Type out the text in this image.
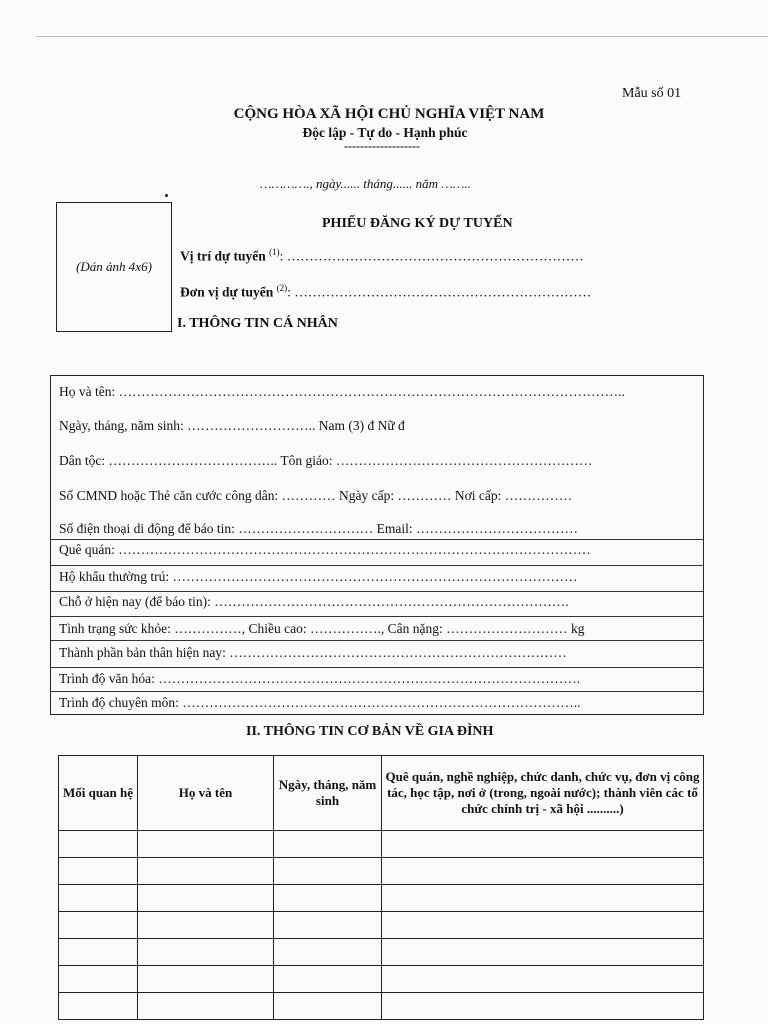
Mẫu số 01
CỘNG HÒA XÃ HỘI CHỦ NGHĨA VIỆT NAM
Độc lập - Tự do - Hạnh phúc
-------------------
…………., ngày...... tháng...... năm ……..
(Dán ảnh 4x6)
PHIẾU ĐĂNG KÝ DỰ TUYỂN
Vị trí dự tuyển $^{(1)}$: …………………………………………………………
Đơn vị dự tuyển $^{(2)}$: …………………………………………………………
I. THÔNG TIN CÁ NHÂN
Họ và tên: …………………………………………………………………………………………………..
Ngày, tháng, năm sinh: ……………………….. Nam (3) đ Nữ đ
Dân tộc: ……………………………….. Tôn giáo: …………………………………………………
Số CMND hoặc Thẻ căn cước công dân: ………… Ngày cấp: ………… Nơi cấp: ……………
Số điện thoại di động để báo tin: ………………………… Email: ………………………………
Quê quán: ……………………………………………………………………………………………
Hộ khẩu thường trú: ………………………………………………………………………………
Chỗ ở hiện nay (để báo tin): …………………………………………………………………….
Tình trạng sức khỏe: ……………, Chiều cao: ……………., Cân nặng: ……………………… kg
Thành phần bản thân hiện nay: …………………………………………………………………
Trình độ văn hóa: ………………………………………………………………………………….
Trình độ chuyên môn: ……………………………………………………………………………..
II. THÔNG TIN CƠ BẢN VỀ GIA ĐÌNH
Mối quan hệ	Họ và tên	Ngày, tháng, năm sinh	Quê quán, nghề nghiệp, chức danh, chức vụ, đơn vị công tác, học tập, nơi ở (trong, ngoài nước); thành viên các tổ chức chính trị - xã hội ..........)
